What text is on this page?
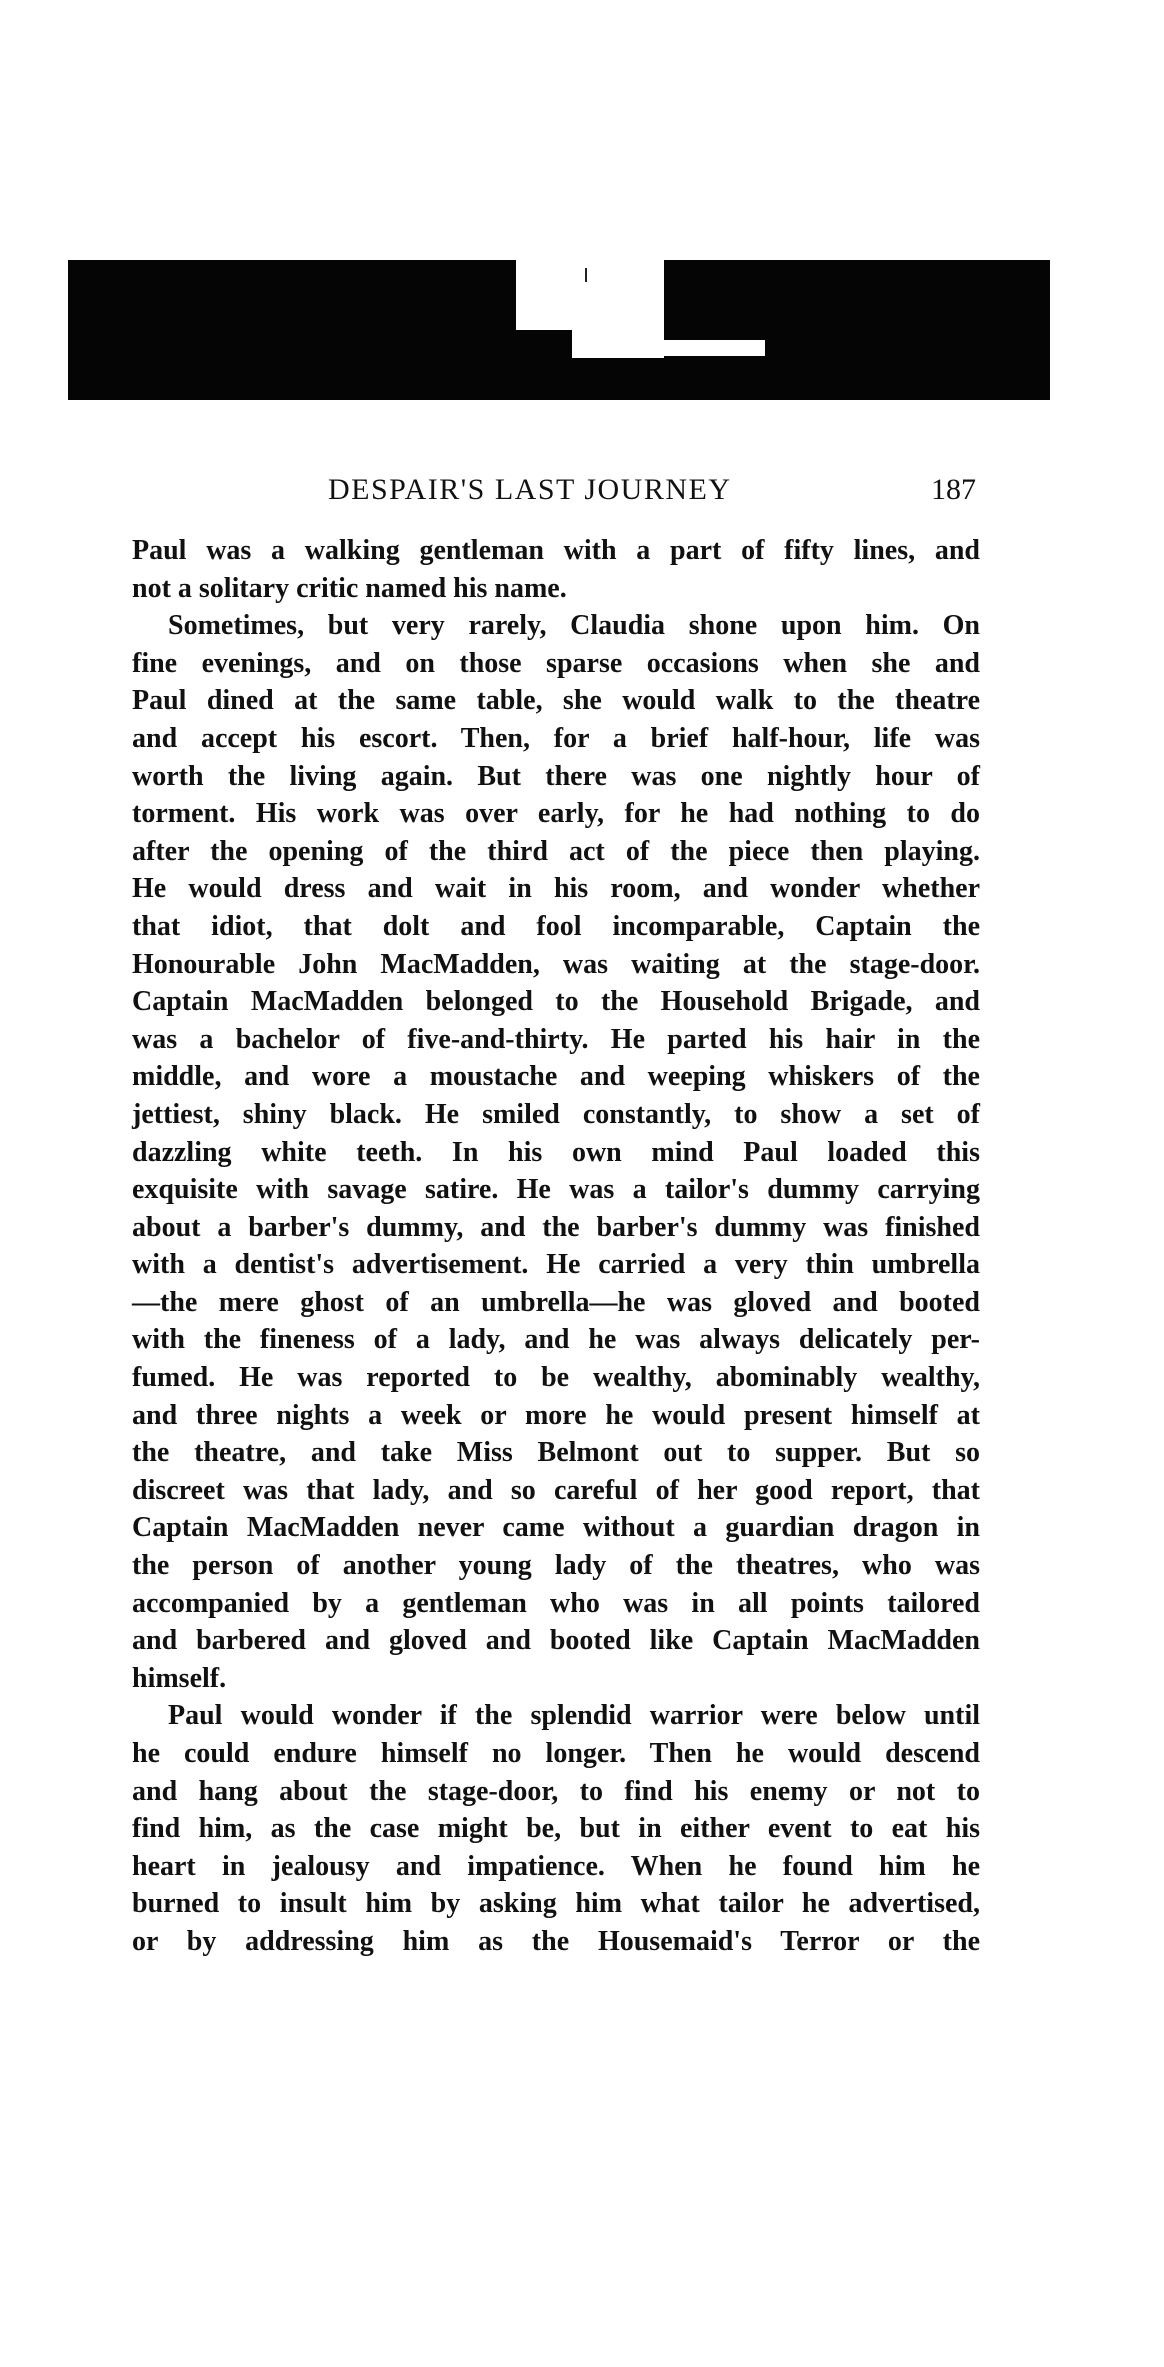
DESPAIR'S LAST JOURNEY	187
Paul was a walking gentleman with a part of fifty lines, and
not a solitary critic named his name.
Sometimes, but very rarely, Claudia shone upon him. On
fine evenings, and on those sparse occasions when she and
Paul dined at the same table, she would walk to the theatre
and accept his escort. Then, for a brief half-hour, life was
worth the living again. But there was one nightly hour of
torment. His work was over early, for he had nothing to do
after the opening of the third act of the piece then playing.
He would dress and wait in his room, and wonder whether
that idiot, that dolt and fool incomparable, Captain the
Honourable John MacMadden, was waiting at the stage-door.
Captain MacMadden belonged to the Household Brigade, and
was a bachelor of five-and-thirty. He parted his hair in the
middle, and wore a moustache and weeping whiskers of the
jettiest, shiny black. He smiled constantly, to show a set of
dazzling white teeth. In his own mind Paul loaded this
exquisite with savage satire. He was a tailor's dummy carrying
about a barber's dummy, and the barber's dummy was finished
with a dentist's advertisement. He carried a very thin umbrella
—the mere ghost of an umbrella—he was gloved and booted
with the fineness of a lady, and he was always delicately per-
fumed. He was reported to be wealthy, abominably wealthy,
and three nights a week or more he would present himself at
the theatre, and take Miss Belmont out to supper. But so
discreet was that lady, and so careful of her good report, that
Captain MacMadden never came without a guardian dragon in
the person of another young lady of the theatres, who was
accompanied by a gentleman who was in all points tailored
and barbered and gloved and booted like Captain MacMadden
himself.
Paul would wonder if the splendid warrior were below until
he could endure himself no longer. Then he would descend
and hang about the stage-door, to find his enemy or not to
find him, as the case might be, but in either event to eat his
heart in jealousy and impatience. When he found him he
burned to insult him by asking him what tailor he advertised,
or by addressing him as the Housemaid's Terror or the
